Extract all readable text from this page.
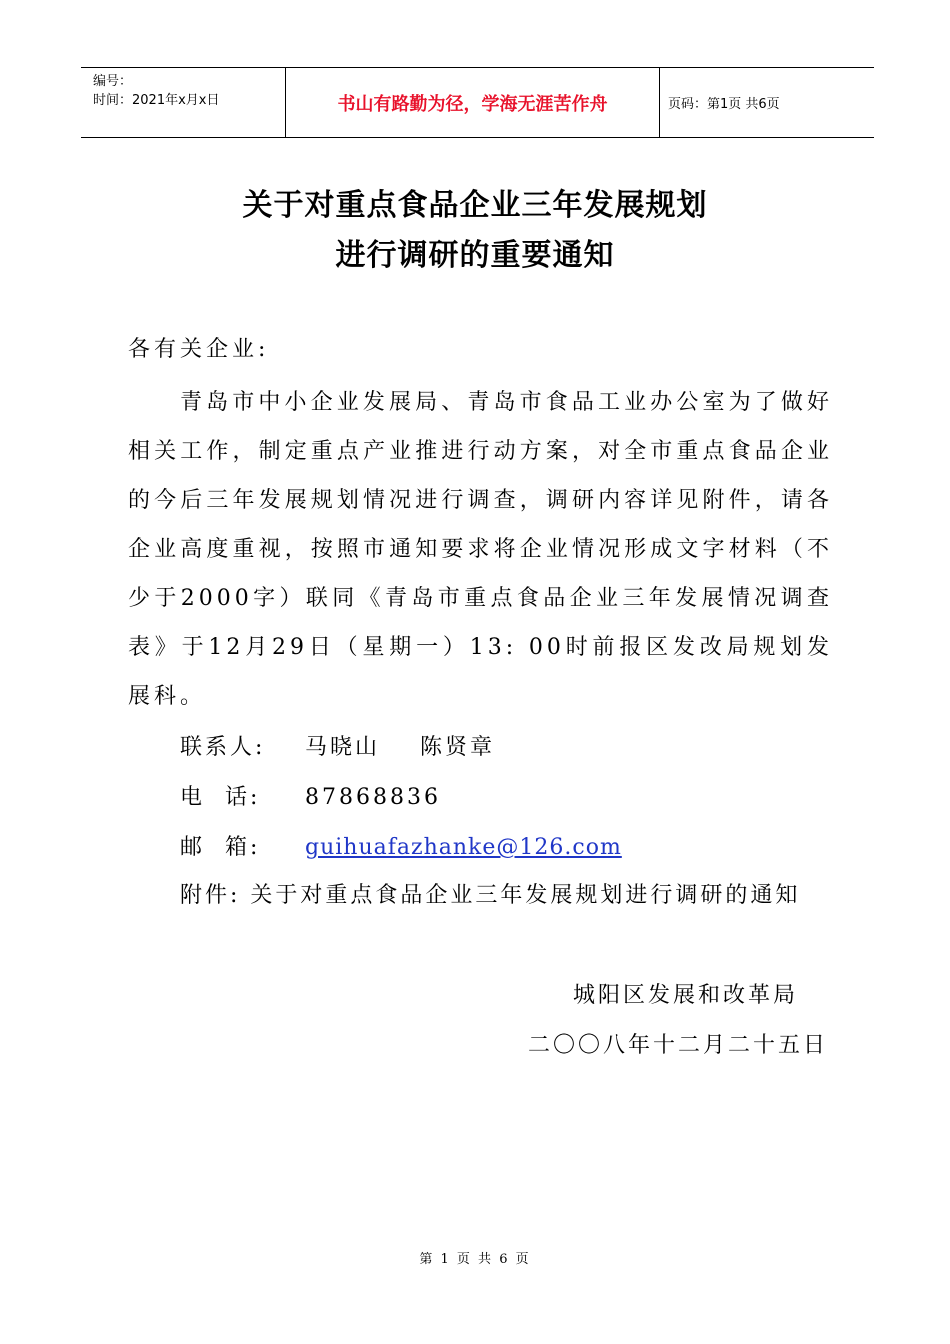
编号：
时间：2021年x月x日	书山有路勤为径，学海无涯苦作舟	页码：第1页 共6页
关于对重点食品企业三年发展规划
进行调研的重要通知
各有关企业:
青岛市中小企业发展局、青岛市食品工业办公室为了做好相关工作，制定重点产业推进行动方案，对全市重点食品企业的今后三年发展规划情况进行调查，调研内容详见附件，请各企业高度重视，按照市通知要求将企业情况形成文字材料（不少于2000字）联同《青岛市重点食品企业三年发展情况调查表》于12月29日（星期一）13: 00时前报区发改局规划发展科。
联系人: 马晓山    陈贤章
电  话: 87868836
邮  箱: guihuafazhanke@126.com
附件: 关于对重点食品企业三年发展规划进行调研的通知
城阳区发展和改革局
二〇〇八年十二月二十五日
第 1 页 共 6 页
